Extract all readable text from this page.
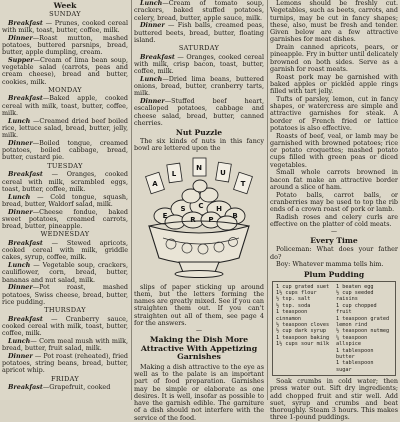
Week
SUNDAY

Breakfast — Prunes, cooked cereal with milk, toast, butter, coffee, milk.

Dinner—Roast mutton, mashed potatoes, buttered parsnips, bread, butter, apple dumpling, cream.

Supper—Cream of lima bean soup, vegetable salad (carrots, peas and cream cheese), bread and butter, cookies, milk.

MONDAY

Breakfast—Baked apple, cooked cereal with milk, toast, butter, coffee, milk.

Lunch —Creamed dried beef boiled rice, lettuce salad, bread, butter, jelly, milk.

Dinner—Boiled tongue, creamed potatoes, boiled cabbage, bread, butter, custard pie.

TUESDAY

Breakfast — Oranges, cooked cereal with milk, scrambled eggs, toast, butter, coffee, milk.

Lunch — Cold tongue, squash, bread, butter, Waldorf salad, milk.

Dinner—Cheese fondue, baked sweet potatoes, creamed carrots, bread, butter, pineapple.

WEDNESDAY

Breakfast — Stewed apricots, cooked cereal with milk, griddle cakes, syrup, coffee, milk.

Lunch — Vegetable soup, crackers, cauliflower, corn, bread, butter, bananas and nut salad, milk.

Dinner—Pot roast, mashed potatoes, Swiss cheese, bread, butter, rice pudding.

THURSDAY

Breakfast — Cranberry sauce, cooked cereal with milk, toast, butter, coffee, milk.

Lunch— Corn meal mush with milk, bread, butter, fruit salad, milk.

Dinner — Pot roast (reheated), fried potatoes, string beans, bread, butter, apricot whip.

FRIDAY

Breakfast—Grapefruit, cooked

Lunch—Cream of tomato soup, crackers, baked stuffed potatoes, celery, bread, butter, apple sauce, milk.

Dinner — Fish balls, creamed peas, buttered beets, bread, butter, floating island.

SATURDAY

Breakfast — Oranges, cooked cereal with milk, crisp bacon, toast, butter, coffee, milk.

Lunch—Dried lima beans, buttered onions, bread, butter, cranberry tarts, milk.

Dinner—Stuffed beef heart, escalloped potatoes, cabbage and cheese salad, bread, butter, canned cherries.

Nut Puzzle

The six kinds of nuts in this fancy bowl are lettered upon the

A
L
N
U
T
S C H
E	R P	B

slips of paper sticking up around them, but the letters forming the names are greatly mixed. See if you can straighten them out. If you can't straighten out all of them, see page 4 for the answers.

—
Making the Dish More Attractive With Appetizing Garnishes

Making a dish attractive to the eye as well as to the palate is an important part of food preparation. Garnishes may be simple or elaborate as one desires. It is well, insofar as possible to have the garnish edible. The garniture of a dish should not interfere with the service of the food.

Lemons should be freshly cut. Vegetables, such as beets, carrots, and turnips, may be cut in fancy shapes; these, also, must be fresh and tender. Given below are a few attractive garnishes for meat dishes.

Drain canned apricots, pears, or pineapple. Fry in butter until delicately browned on both sides. Serve as a garnish for roast meats.

Roast pork may be garnished with baked apples or pickled apple rings filled with tart jelly.

Tufts of parsley, lemon, cut in fancy shapes, or watercress are simple and attractive garnishes for steak. A border of French fried or lattice potatoes is also effective.

Roasts of beef, veal, or lamb may be garnished with browned potatoes; rice or potato croquettes; mashed potato cups filled with green peas or diced vegetables.

Small whole carrots browned in bacon fat make an attractive border around a slice of ham.

Potato balls, carrot balls, or cranberries may be used to top the rib ends of a crown roast of pork or lamb.

Radish roses and celery curls are effective on the platter of cold meats.

—
Every Time

Policeman: What does your father do?

Boy: Whatever mamma tells him.

Plum Pudding
1 cup grated suet
1½ cups flour
½ tsp. salt
½ tsp. soda
1 teaspoon cinnamon
½ teaspoon cloves
½ cup dark syrup
1 teaspoon baking
1½ cups sour milk
1 beaten egg
½ cup seeded raisins
1 cup chopped fruit
1 teaspoon grated
lemon rind
½ teaspoon nutmeg
¼ teaspoon allspice
1 tablespoon butter
1 tablespoon sugar

Soak crumbs in cold water; then press water out. Sift dry ingredients; add chopped fruit and stir well. Add suet, syrup and crumbs and beat thoroughly. Steam 3 hours. This makes three 1-pound puddings.
